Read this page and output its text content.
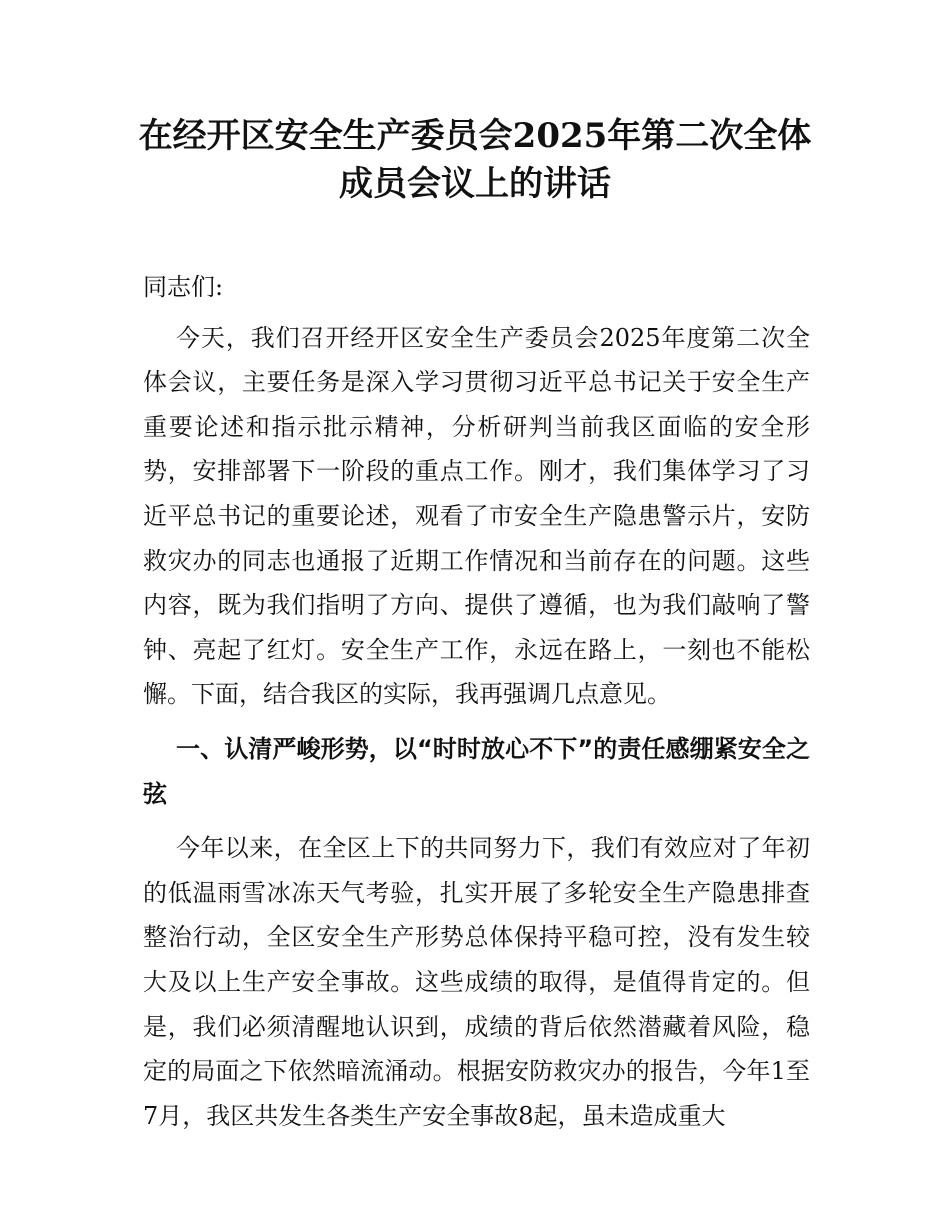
在经开区安全生产委员会2025年第二次全体
成员会议上的讲话

同志们:

今天，我们召开经开区安全生产委员会2025年度第二次全体会议，主要任务是深入学习贯彻习近平总书记关于安全生产重要论述和指示批示精神，分析研判当前我区面临的安全形势，安排部署下一阶段的重点工作。刚才，我们集体学习了习近平总书记的重要论述，观看了市安全生产隐患警示片，安防救灾办的同志也通报了近期工作情况和当前存在的问题。这些内容，既为我们指明了方向、提供了遵循，也为我们敲响了警钟、亮起了红灯。安全生产工作，永远在路上，一刻也不能松懈。下面，结合我区的实际，我再强调几点意见。

一、认清严峻形势，以“时时放心不下”的责任感绷紧安全之弦

今年以来，在全区上下的共同努力下，我们有效应对了年初的低温雨雪冰冻天气考验，扎实开展了多轮安全生产隐患排查整治行动，全区安全生产形势总体保持平稳可控，没有发生较大及以上生产安全事故。这些成绩的取得，是值得肯定的。但是，我们必须清醒地认识到，成绩的背后依然潜藏着风险，稳定的局面之下依然暗流涌动。根据安防救灾办的报告，今年1至7月，我区共发生各类生产安全事故8起，虽未造成重大
